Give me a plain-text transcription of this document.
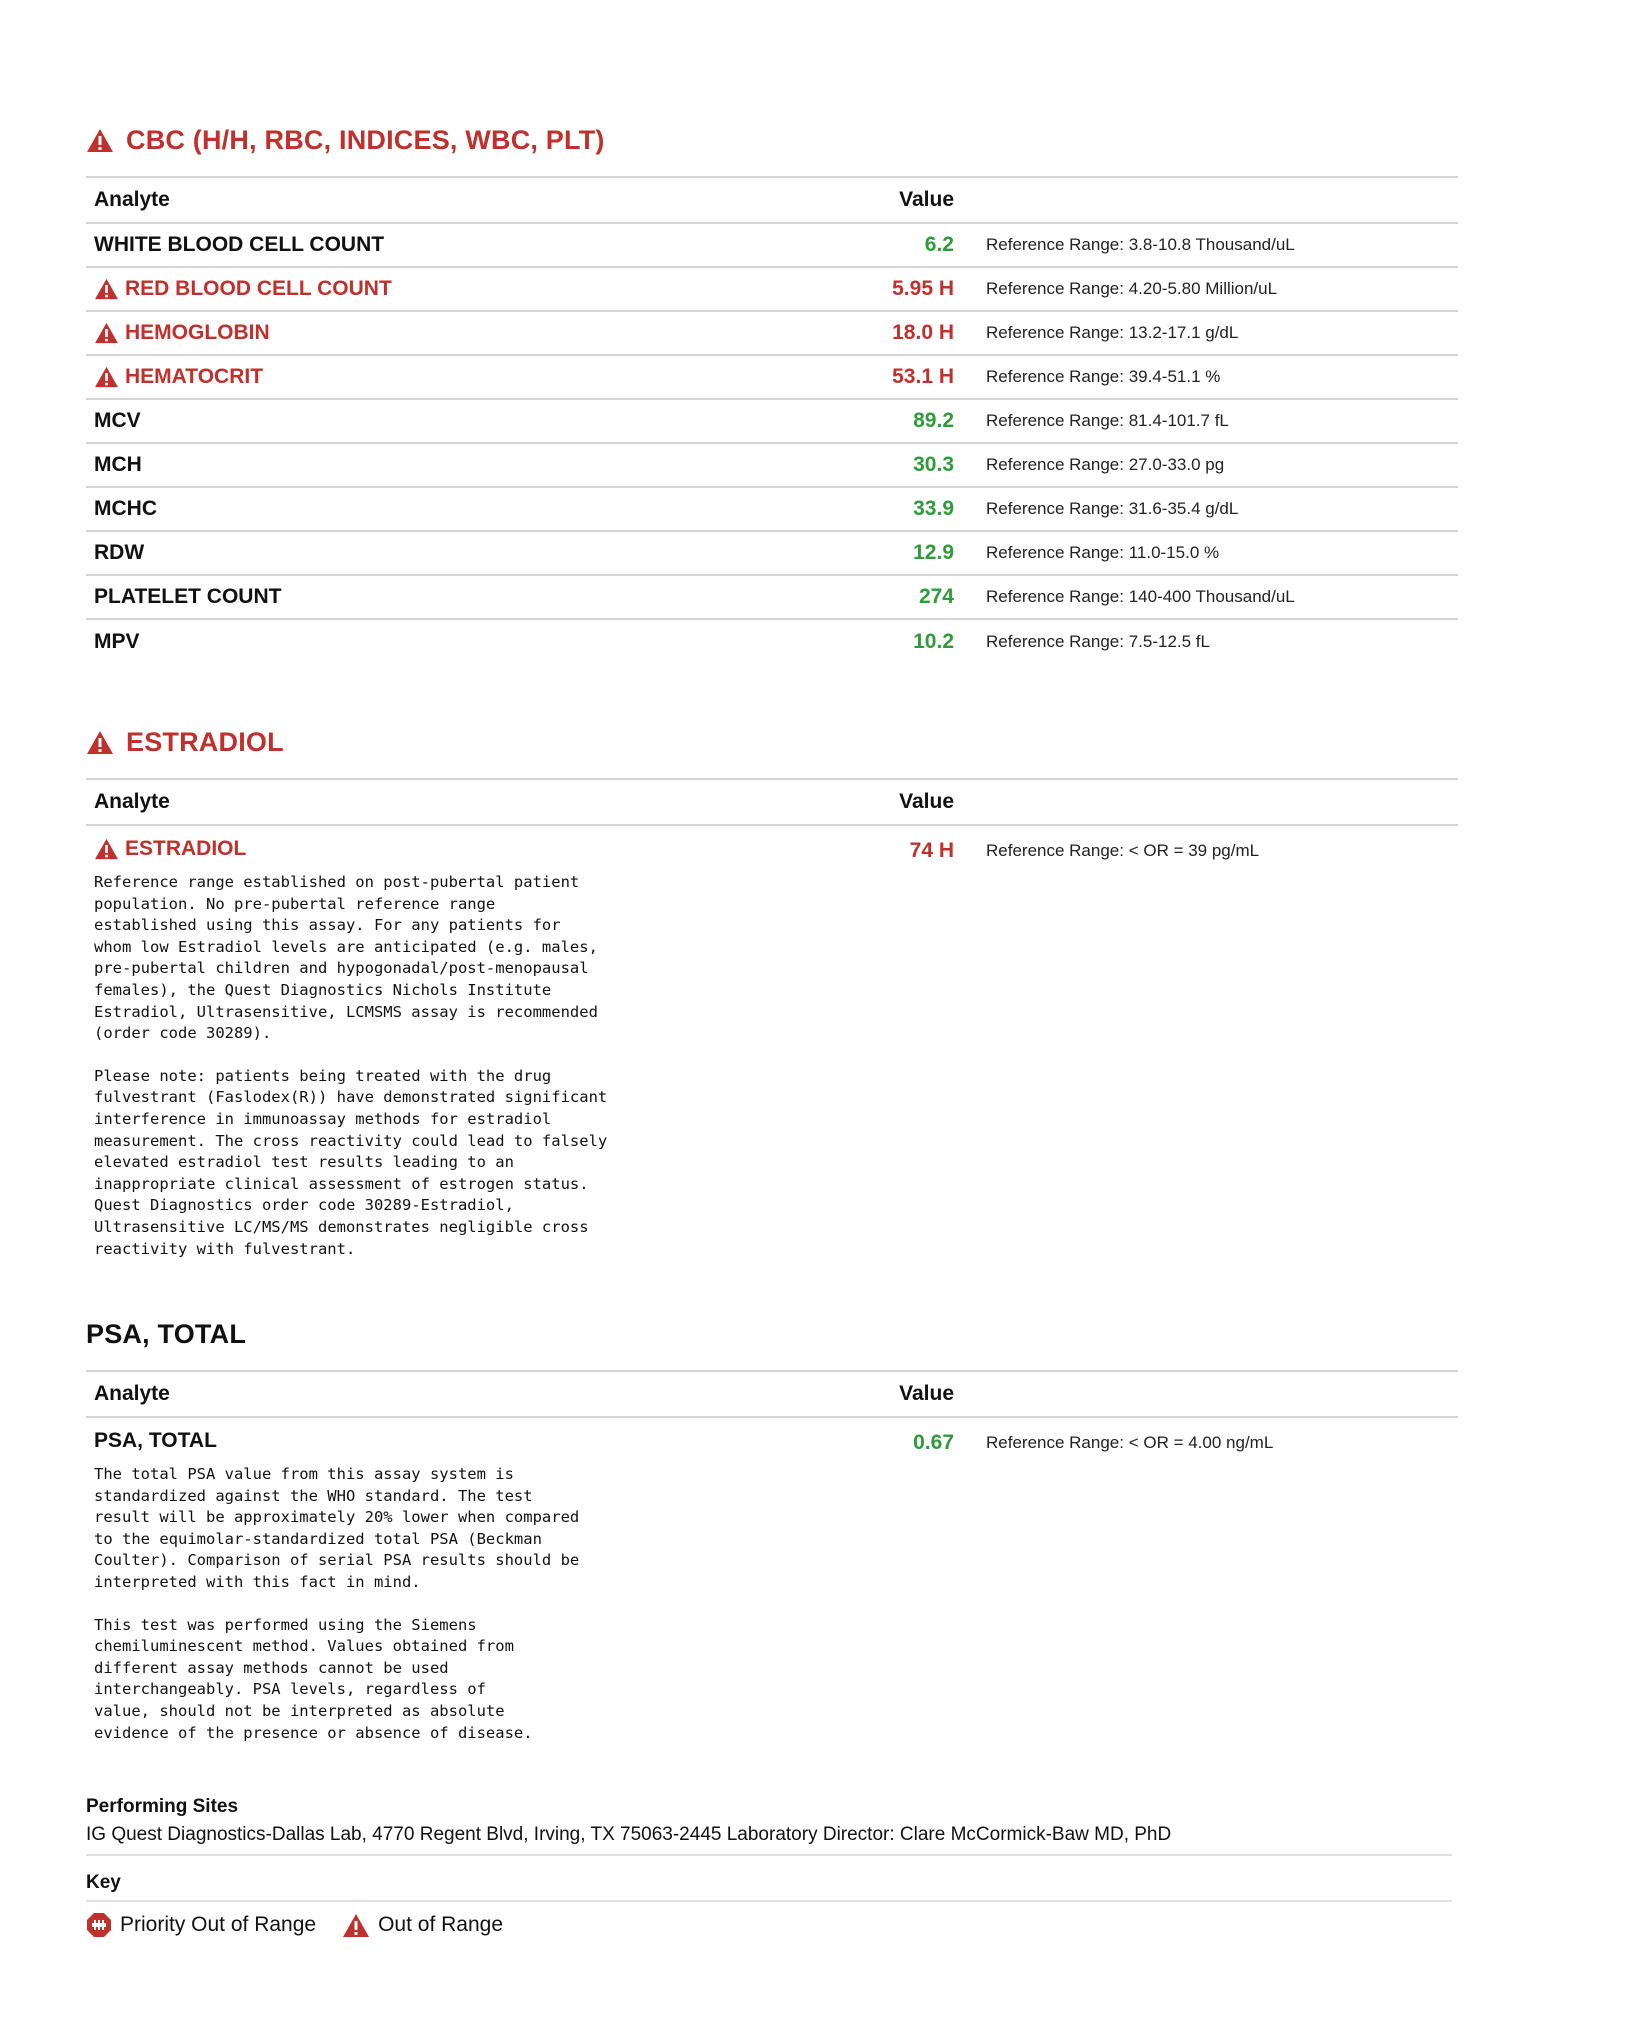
CBC (H/H, RBC, INDICES, WBC, PLT)
Analyte	Value
WHITE BLOOD CELL COUNT	6.2	Reference Range: 3.8-10.8 Thousand/uL
RED BLOOD CELL COUNT	5.95 H	Reference Range: 4.20-5.80 Million/uL
HEMOGLOBIN	18.0 H	Reference Range: 13.2-17.1 g/dL
HEMATOCRIT	53.1 H	Reference Range: 39.4-51.1 %
MCV	89.2	Reference Range: 81.4-101.7 fL
MCH	30.3	Reference Range: 27.0-33.0 pg
MCHC	33.9	Reference Range: 31.6-35.4 g/dL
RDW	12.9	Reference Range: 11.0-15.0 %
PLATELET COUNT	274	Reference Range: 140-400 Thousand/uL
MPV	10.2	Reference Range: 7.5-12.5 fL
ESTRADIOL
Analyte	Value
ESTRADIOL
Reference range established on post-pubertal patient
population. No pre-pubertal reference range
established using this assay. For any patients for
whom low Estradiol levels are anticipated (e.g. males,
pre-pubertal children and hypogonadal/post-menopausal
females), the Quest Diagnostics Nichols Institute
Estradiol, Ultrasensitive, LCMSMS assay is recommended
(order code 30289).
Please note: patients being treated with the drug
fulvestrant (Faslodex(R)) have demonstrated significant
interference in immunoassay methods for estradiol
measurement. The cross reactivity could lead to falsely
elevated estradiol test results leading to an
inappropriate clinical assessment of estrogen status.
Quest Diagnostics order code 30289-Estradiol,
Ultrasensitive LC/MS/MS demonstrates negligible cross
reactivity with fulvestrant.
74 H	Reference Range: < OR = 39 pg/mL
PSA, TOTAL
Analyte	Value
PSA, TOTAL
The total PSA value from this assay system is
standardized against the WHO standard. The test
result will be approximately 20% lower when compared
to the equimolar-standardized total PSA (Beckman
Coulter). Comparison of serial PSA results should be
interpreted with this fact in mind.
This test was performed using the Siemens
chemiluminescent method. Values obtained from
different assay methods cannot be used
interchangeably. PSA levels, regardless of
value, should not be interpreted as absolute
evidence of the presence or absence of disease.
0.67	Reference Range: < OR = 4.00 ng/mL
Performing Sites
IG Quest Diagnostics-Dallas Lab, 4770 Regent Blvd, Irving, TX 75063-2445 Laboratory Director: Clare McCormick-Baw MD, PhD
Key
Priority Out of Range	Out of Range
